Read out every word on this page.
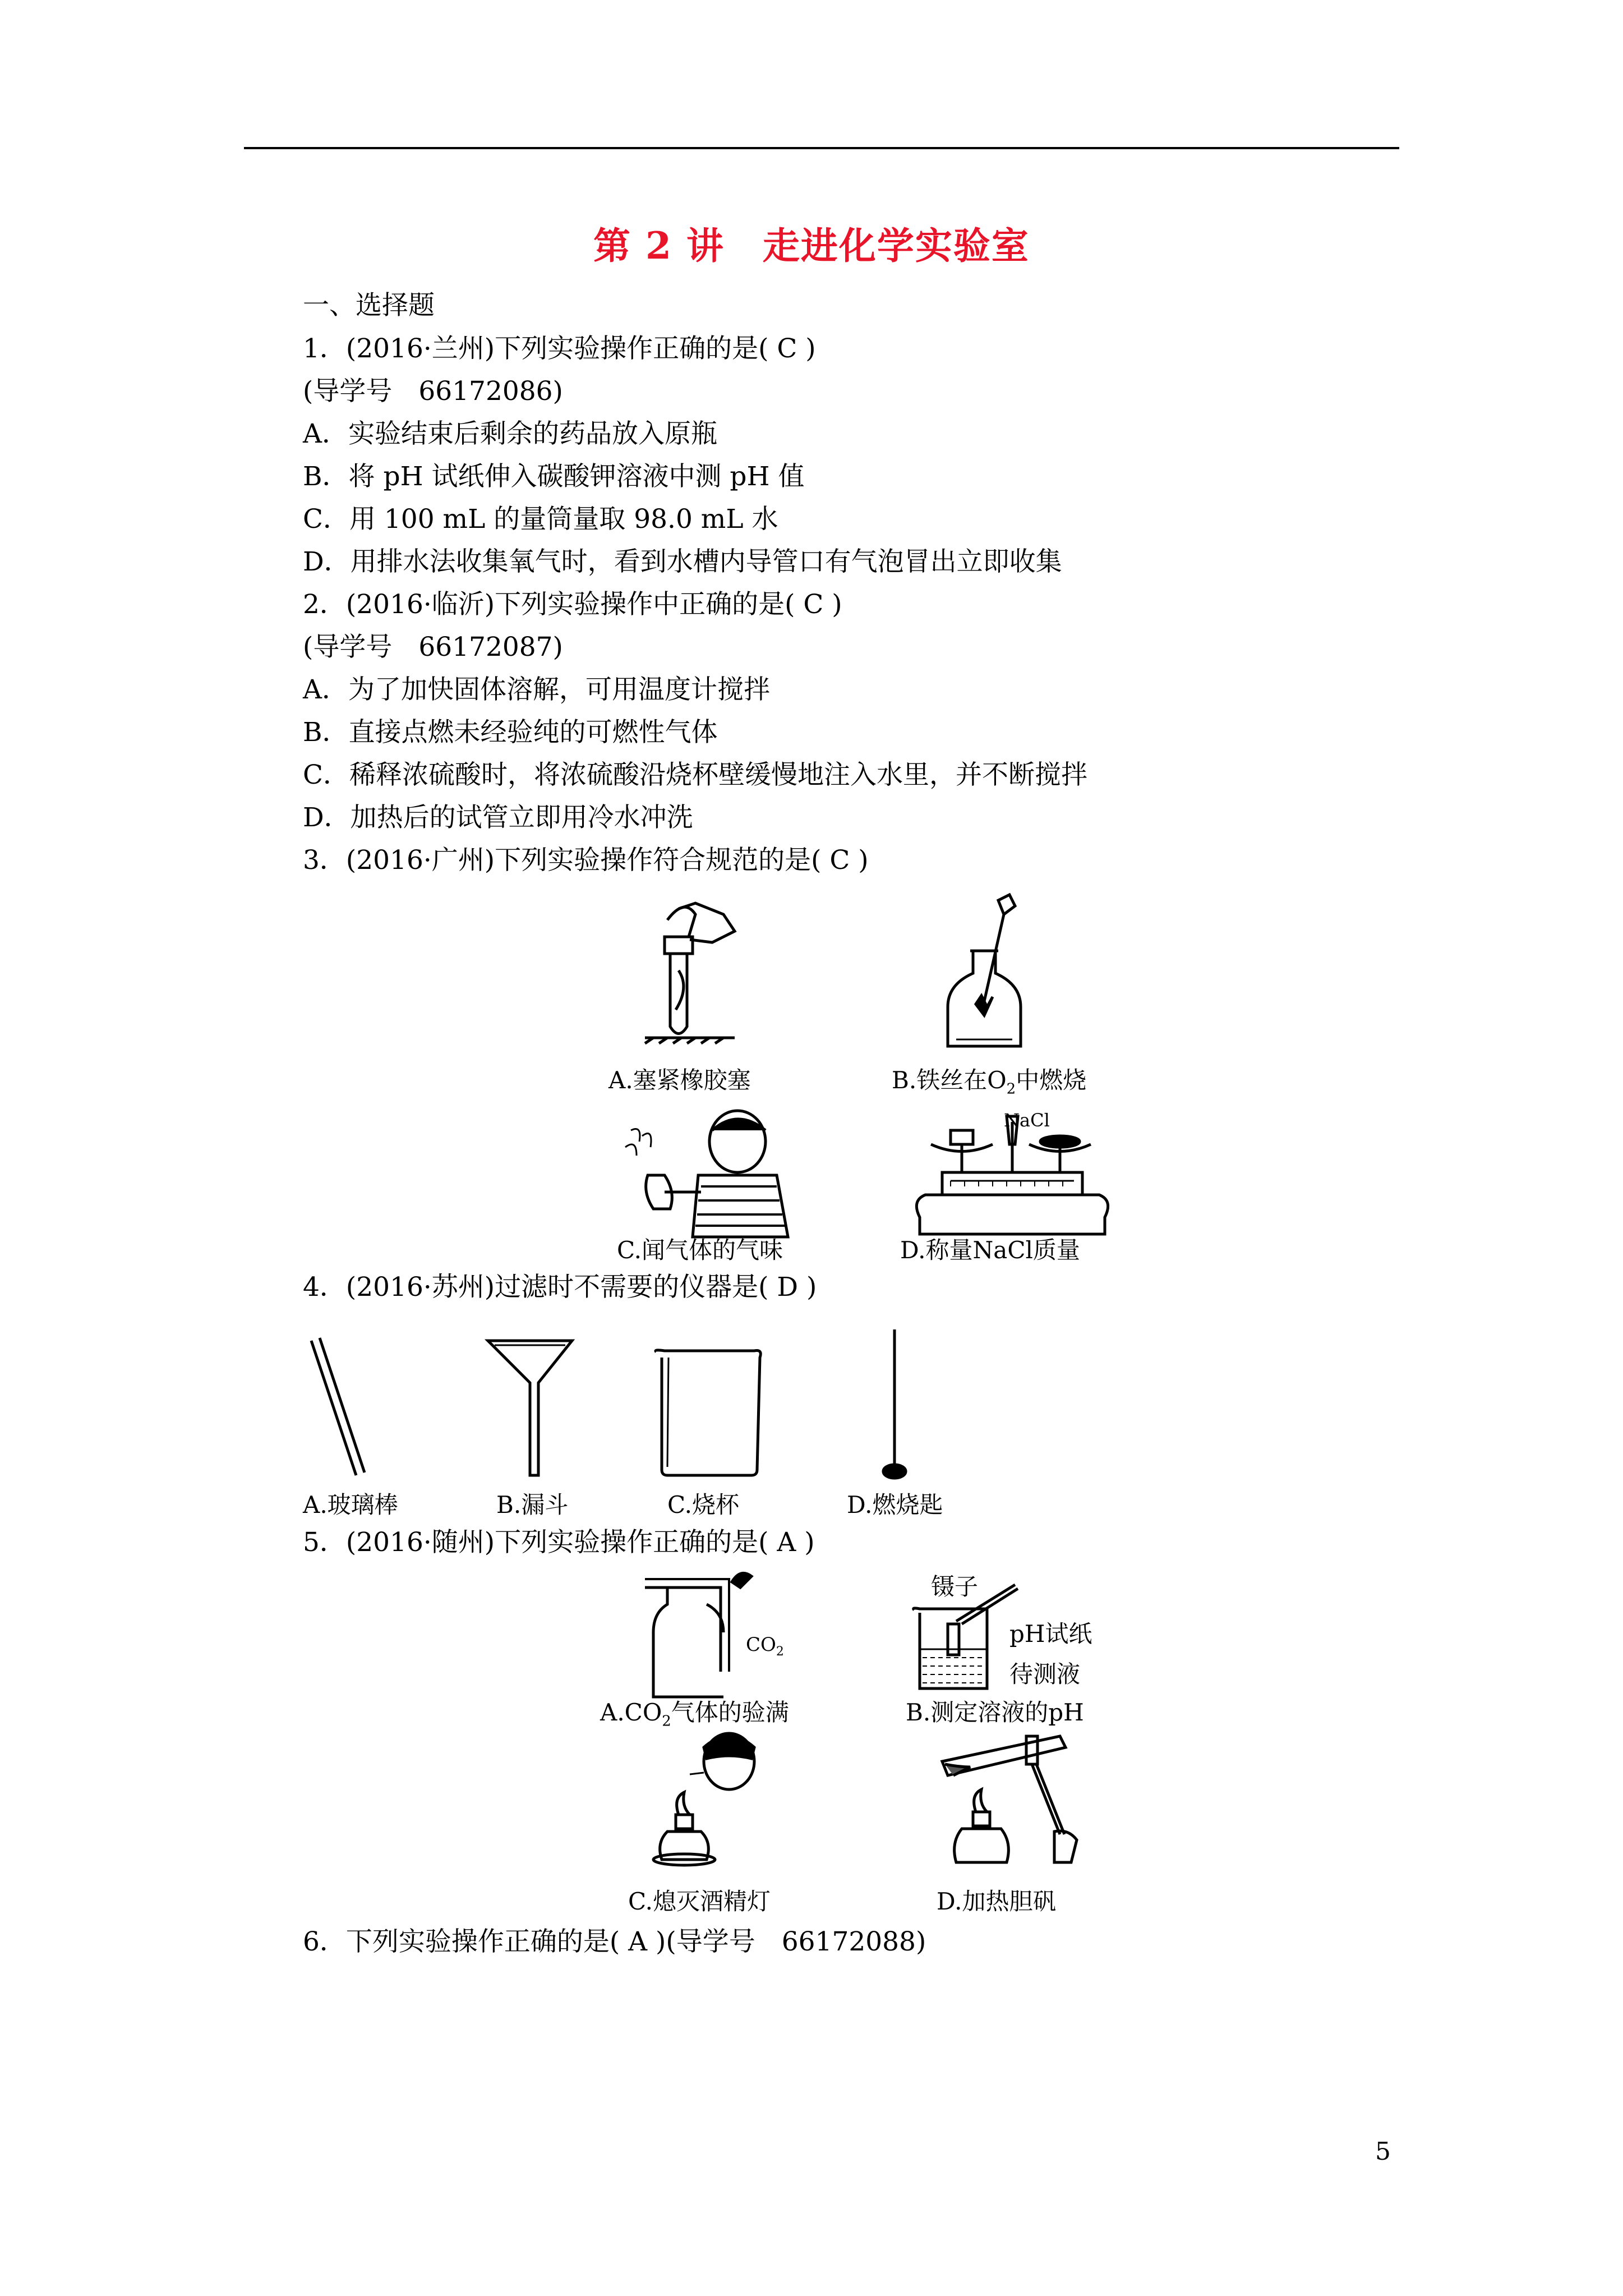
第 2 讲　走进化学实验室
一、选择题
1．(2016·兰州)下列实验操作正确的是( C )
(导学号　66172086)
A．实验结束后剩余的药品放入原瓶
B．将 pH 试纸伸入碳酸钾溶液中测 pH 值
C．用 100 mL 的量筒量取 98.0 mL 水
D．用排水法收集氧气时，看到水槽内导管口有气泡冒出立即收集
2．(2016·临沂)下列实验操作中正确的是( C )
(导学号　66172087)
A．为了加快固体溶解，可用温度计搅拌
B．直接点燃未经验纯的可燃性气体
C．稀释浓硫酸时，将浓硫酸沿烧杯壁缓慢地注入水里，并不断搅拌
D．加热后的试管立即用冷水冲洗
3．(2016·广州)下列实验操作符合规范的是( C )
A.塞紧橡胶塞	B.铁丝在$O_2$中燃烧
C.闻气体的气味
NaCl
D.称量NaCl质量
4．(2016·苏州)过滤时不需要的仪器是( D )
A.玻璃棒	B.漏斗	C.烧杯	D.燃烧匙
5．(2016·随州)下列实验操作正确的是( A )
$CO_2$
$A.CO_2$气体的验满
镊子
pH试纸
待测液
B.测定溶液的pH
C.熄灭酒精灯	D.加热胆矾
6．下列实验操作正确的是( A )(导学号　66172088)
5
